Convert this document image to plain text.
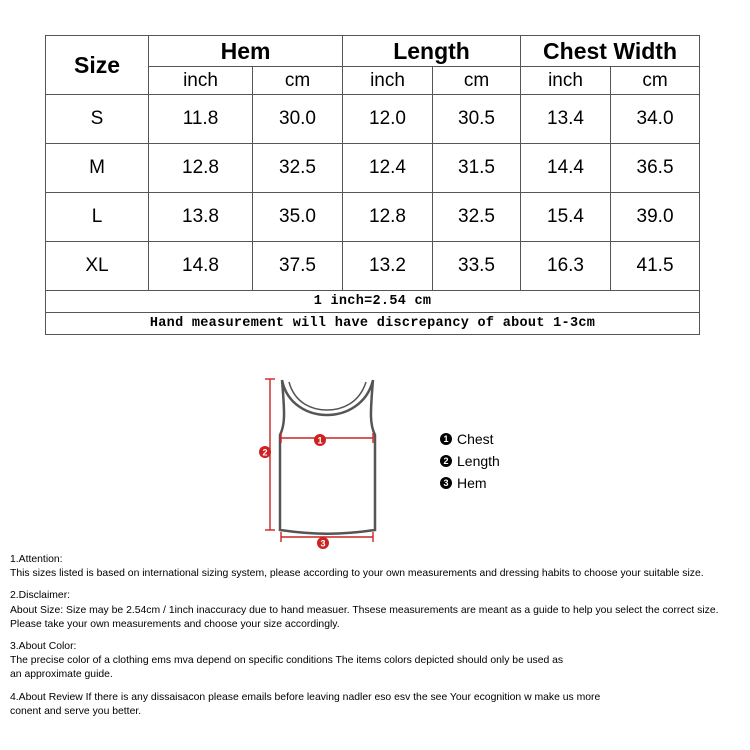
Size	Hem		Length		Chest Width	
	inch	cm	inch	cm	inch	cm
S	11.8	30.0	12.0	30.5	13.4	34.0
M	12.8	32.5	12.4	31.5	14.4	36.5
L	13.8	35.0	12.8	32.5	15.4	39.0
XL	14.8	37.5	13.2	33.5	16.3	41.5
1 inch=2.54 cm						
Hand measurement will have discrepancy of about 1-3cm						
1
2
3
1 Chest
2 Length
3 Hem

1.Attention:

This sizes listed is based on international sizing system, please according to your own measurements and dressing habits to choose your suitable size.

2.Disclaimer:

About Size: Size may be 2.54cm / 1inch inaccuracy due to hand measuer. Thsese measurements are meant as a guide to help you select the correct size.

Please take your own measurements and choose your size accordingly.

3.About Color:

The precise color of a clothing ems mva depend on specific conditions The items colors depicted should only be used as

an approximate guide.

4.About Review If there is any dissaisacon please emails before leaving nadler eso esv the see Your ecognition w make us more

conent and serve you better.
